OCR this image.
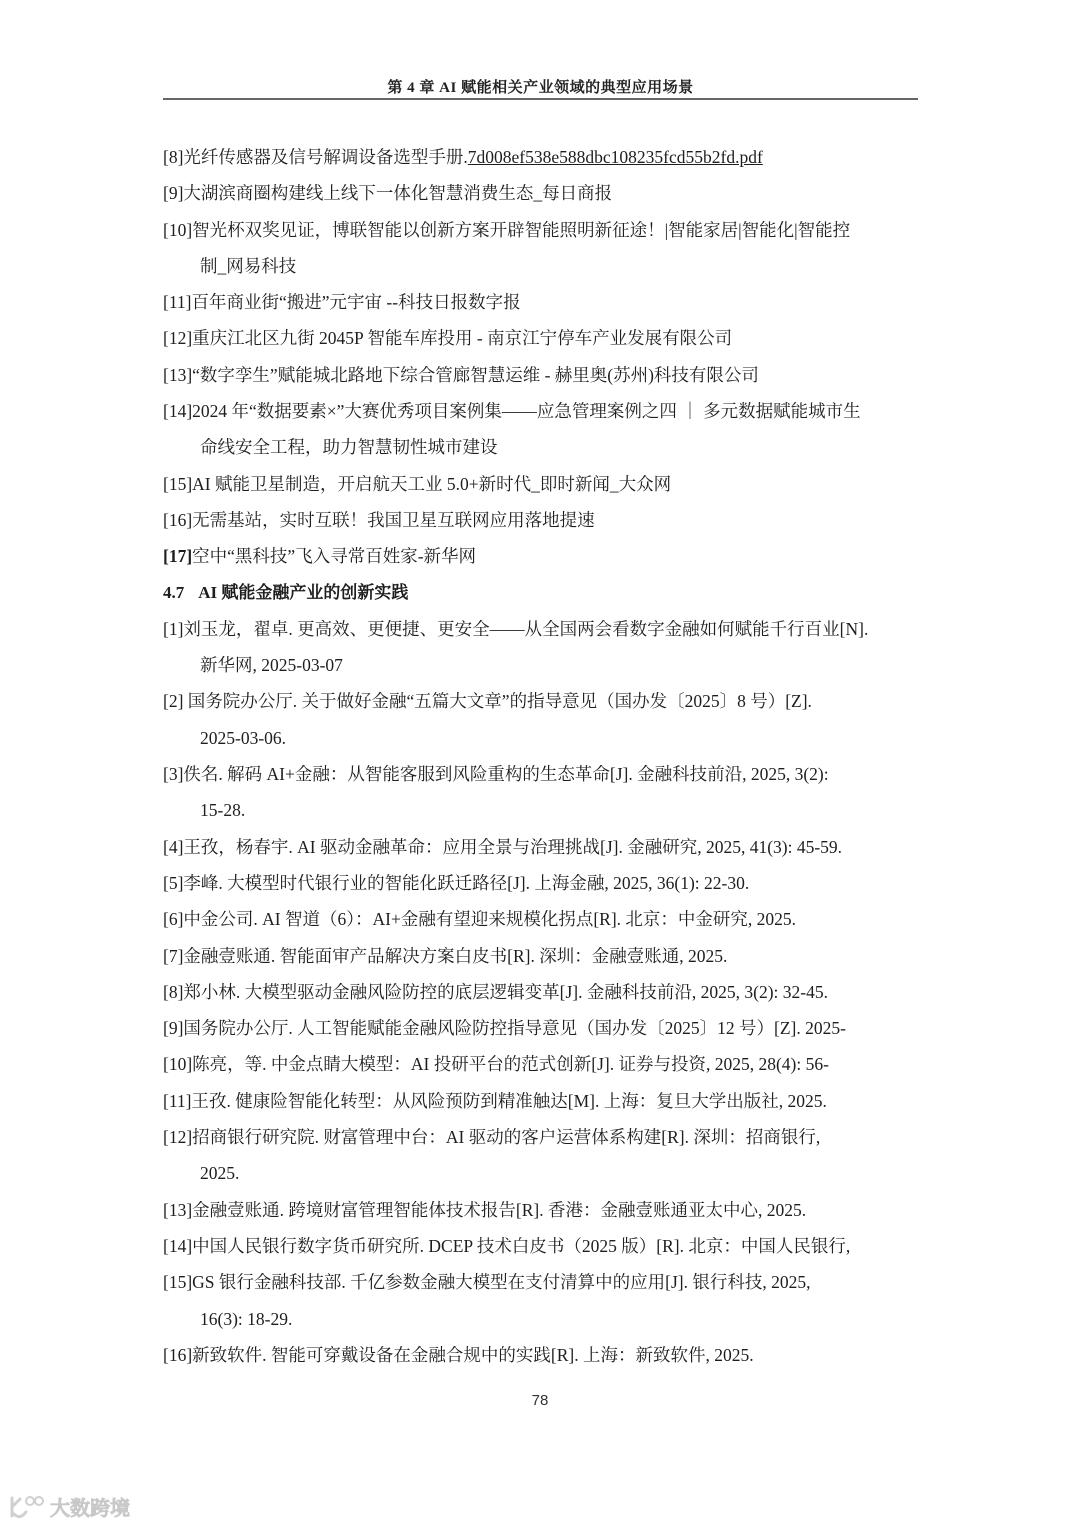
第 4 章 AI 赋能相关产业领域的典型应用场景
[8]光纤传感器及信号解调设备选型手册.7d008ef538e588dbc108235fcd55b2fd.pdf
[9]大湖滨商圈构建线上线下一体化智慧消费生态_每日商报
[10]智光杯双奖见证，博联智能以创新方案开辟智能照明新征途！|智能家居|智能化|智能控
制_网易科技
[11]百年商业街“搬进”元宇宙 --科技日报数字报
[12]重庆江北区九街 2045P 智能车库投用 - 南京江宁停车产业发展有限公司
[13]“数字孪生”赋能城北路地下综合管廊智慧运维 - 赫里奥(苏州)科技有限公司
[14]2024 年“数据要素×”大赛优秀项目案例集——应急管理案例之四 ｜ 多元数据赋能城市生
命线安全工程，助力智慧韧性城市建设
[15]AI 赋能卫星制造，开启航天工业 5.0+新时代_即时新闻_大众网
[16]无需基站，实时互联！我国卫星互联网应用落地提速
[17]空中“黑科技”飞入寻常百姓家-新华网
4.7 AI 赋能金融产业的创新实践
[1]刘玉龙，翟卓. 更高效、更便捷、更安全——从全国两会看数字金融如何赋能千行百业[N].
新华网, 2025-03-07
[2] 国务院办公厅. 关于做好金融“五篇大文章”的指导意见（国办发〔2025〕8 号）[Z].
2025-03-06.
[3]佚名. 解码 AI+金融：从智能客服到风险重构的生态革命[J]. 金融科技前沿, 2025, 3(2):
15-28.
[4]王孜，杨春宇. AI 驱动金融革命：应用全景与治理挑战[J]. 金融研究, 2025, 41(3): 45-59.
[5]李峰. 大模型时代银行业的智能化跃迁路径[J]. 上海金融, 2025, 36(1): 22-30.
[6]中金公司. AI 智道（6）：AI+金融有望迎来规模化拐点[R]. 北京：中金研究, 2025.
[7]金融壹账通. 智能面审产品解决方案白皮书[R]. 深圳：金融壹账通, 2025.
[8]郑小林. 大模型驱动金融风险防控的底层逻辑变革[J]. 金融科技前沿, 2025, 3(2): 32-45.
[9]国务院办公厅. 人工智能赋能金融风险防控指导意见（国办发〔2025〕12 号）[Z]. 2025-
[10]陈亮，等. 中金点睛大模型：AI 投研平台的范式创新[J]. 证券与投资, 2025, 28(4): 56-
[11]王孜. 健康险智能化转型：从风险预防到精准触达[M]. 上海：复旦大学出版社, 2025.
[12]招商银行研究院. 财富管理中台：AI 驱动的客户运营体系构建[R]. 深圳：招商银行,
2025.
[13]金融壹账通. 跨境财富管理智能体技术报告[R]. 香港：金融壹账通亚太中心, 2025.
[14]中国人民银行数字货币研究所. DCEP 技术白皮书（2025 版）[R]. 北京：中国人民银行,
[15]GS 银行金融科技部. 千亿参数金融大模型在支付清算中的应用[J]. 银行科技, 2025,
16(3): 18-29.
[16]新致软件. 智能可穿戴设备在金融合规中的实践[R]. 上海：新致软件, 2025.
78
大数跨境
